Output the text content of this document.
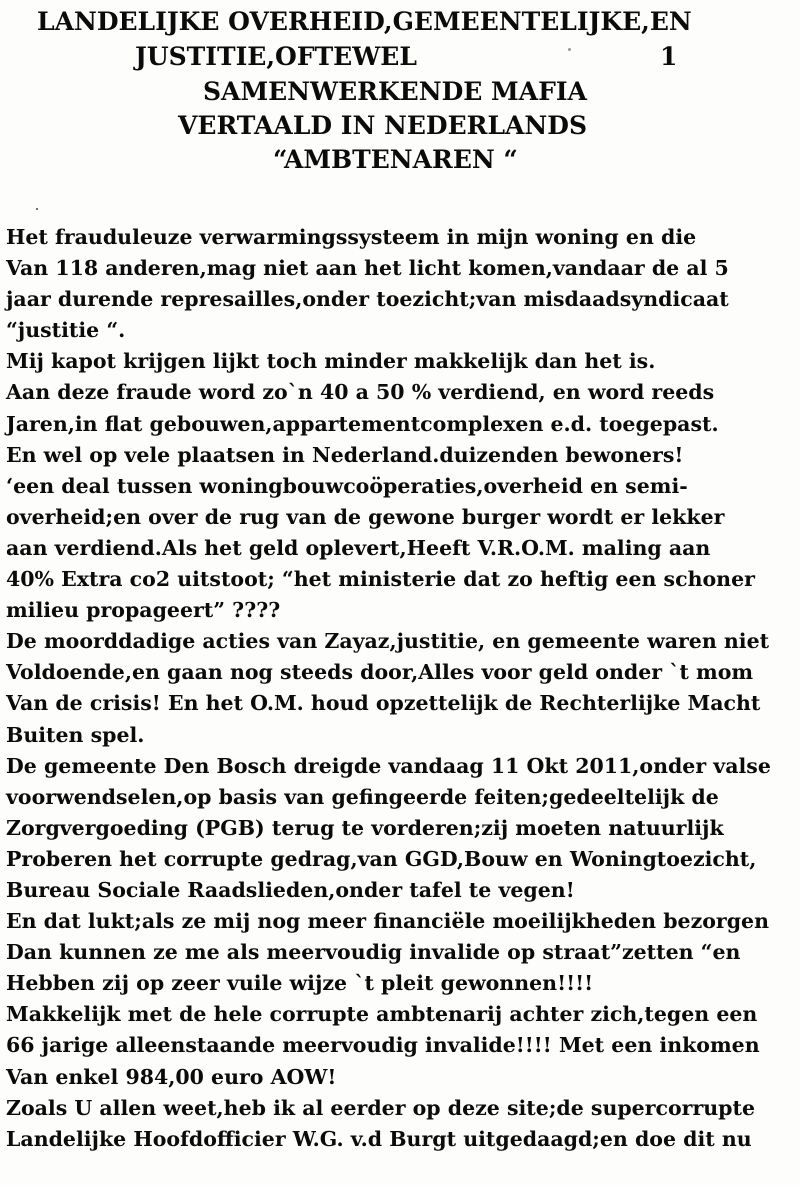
LANDELIJKE OVERHEID,GEMEENTELIJKE,EN
JUSTITIE,OFTEWEL	1
SAMENWERKENDE MAFIA
VERTAALD IN NEDERLANDS
“AMBTENAREN “
Het frauduleuze verwarmingssysteem in mijn woning en die
Van 118 anderen,mag niet aan het licht komen,vandaar de al 5
jaar durende represailles,onder toezicht;van misdaadsyndicaat
“justitie “.
Mij kapot krijgen lijkt toch minder makkelijk dan het is.
Aan deze fraude word zo`n 40 a 50 % verdiend, en word reeds
Jaren,in flat gebouwen,appartementcomplexen e.d. toegepast.
En wel op vele plaatsen in Nederland.duizenden bewoners!
‘een deal tussen woningbouwcoöperaties,overheid en semi-
overheid;en over de rug van de gewone burger wordt er lekker
aan verdiend.Als het geld oplevert,Heeft V.R.O.M. maling aan
40% Extra co2 uitstoot; “het ministerie dat zo heftig een schoner
milieu propageert” ????
De moorddadige acties van Zayaz,justitie, en gemeente waren niet
Voldoende,en gaan nog steeds door,Alles voor geld onder `t mom
Van de crisis! En het O.M. houd opzettelijk de Rechterlijke Macht
Buiten spel.
De gemeente Den Bosch dreigde vandaag 11 Okt 2011,onder valse
voorwendselen,op basis van gefingeerde feiten;gedeeltelijk de
Zorgvergoeding (PGB) terug te vorderen;zij moeten natuurlijk
Proberen het corrupte gedrag,van GGD,Bouw en Woningtoezicht,
Bureau Sociale Raadslieden,onder tafel te vegen!
En dat lukt;als ze mij nog meer financiële moeilijkheden bezorgen
Dan kunnen ze me als meervoudig invalide op straat”zetten “en
Hebben zij op zeer vuile wijze `t pleit gewonnen!!!!
Makkelijk met de hele corrupte ambtenarij achter zich,tegen een
66 jarige alleenstaande meervoudig invalide!!!! Met een inkomen
Van enkel 984,00 euro AOW!
Zoals U allen weet,heb ik al eerder op deze site;de supercorrupte
Landelijke Hoofdofficier W.G. v.d Burgt uitgedaagd;en doe dit nu
